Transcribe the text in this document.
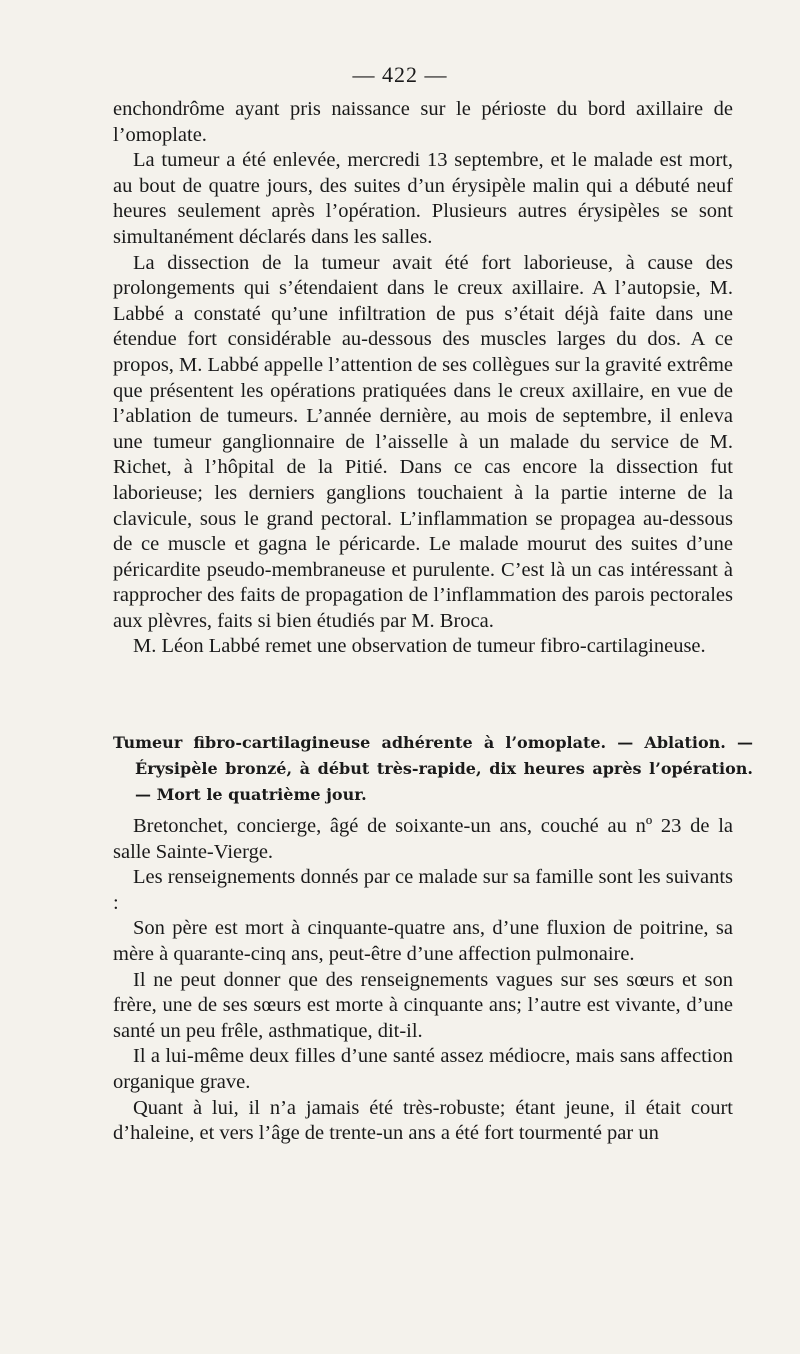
— 422 —

enchondrôme ayant pris naissance sur le périoste du bord axillaire de l’omoplate.

La tumeur a été enlevée, mercredi 13 septembre, et le malade est mort, au bout de quatre jours, des suites d’un érysipèle malin qui a débuté neuf heures seulement après l’opération. Plusieurs autres érysipèles se sont simultanément déclarés dans les salles.

La dissection de la tumeur avait été fort laborieuse, à cause des prolongements qui s’étendaient dans le creux axillaire. A l’autopsie, M. Labbé a constaté qu’une infiltration de pus s’était déjà faite dans une étendue fort considérable au-dessous des muscles larges du dos. A ce propos, M. Labbé appelle l’attention de ses collègues sur la gravité extrême que présentent les opérations pratiquées dans le creux axillaire, en vue de l’ablation de tumeurs. L’année dernière, au mois de septembre, il enleva une tumeur ganglionnaire de l’aisselle à un malade du service de M. Richet, à l’hôpital de la Pitié. Dans ce cas encore la dissection fut laborieuse; les derniers ganglions touchaient à la partie interne de la clavicule, sous le grand pectoral. L’inflammation se propagea au-dessous de ce muscle et gagna le péricarde. Le malade mourut des suites d’une péricardite pseudo-membraneuse et purulente. C’est là un cas intéressant à rapprocher des faits de propagation de l’inflammation des parois pectorales aux plèvres, faits si bien étudiés par M. Broca.

M. Léon Labbé remet une observation de tumeur fibro-cartilagineuse.

Tumeur fibro-cartilagineuse adhérente à l’omoplate. — Ablation. —
Érysipèle bronzé, à début très-rapide, dix heures après l’opération.
— Mort le quatrième jour.

Bretonchet, concierge, âgé de soixante-un ans, couché au nº 23 de la salle Sainte-Vierge.

Les renseignements donnés par ce malade sur sa famille sont les suivants :

Son père est mort à cinquante-quatre ans, d’une fluxion de poitrine, sa mère à quarante-cinq ans, peut-être d’une affection pulmonaire.

Il ne peut donner que des renseignements vagues sur ses sœurs et son frère, une de ses sœurs est morte à cinquante ans; l’autre est vivante, d’une santé un peu frêle, asthmatique, dit-il.

Il a lui-même deux filles d’une santé assez médiocre, mais sans affection organique grave.

Quant à lui, il n’a jamais été très-robuste; étant jeune, il était court d’haleine, et vers l’âge de trente-un ans a été fort tourmenté par un
